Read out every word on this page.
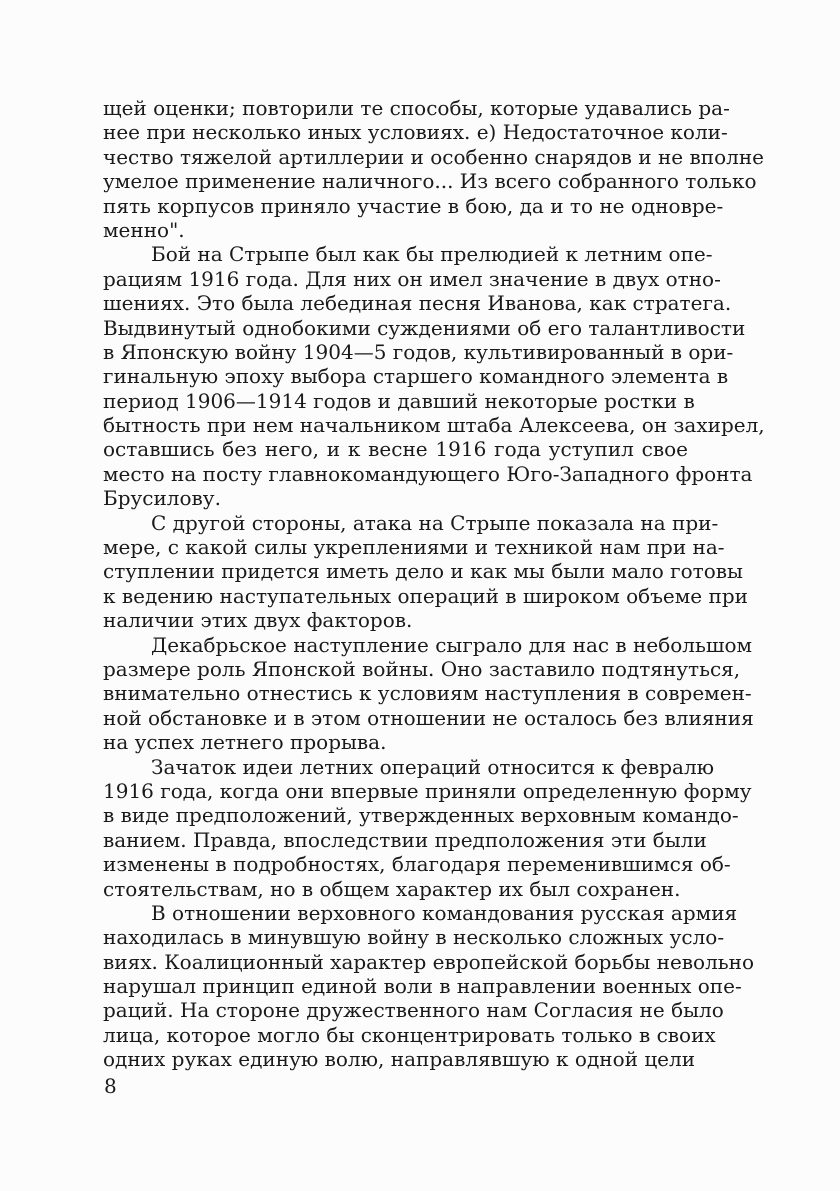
щей оценки; повторили те способы, которые удавались ра-
нее при несколько иных условиях. е) Недостаточное коли-
чество тяжелой артиллерии и особенно снарядов и не вполне
умелое применение наличного... Из всего собранного только
пять корпусов приняло участие в бою, да и то не одновре-
менно".
Бой на Стрыпе был как бы прелюдией к летним опе-
рациям 1916 года. Для них он имел значение в двух отно-
шениях. Это была лебединая песня Иванова, как стратега.
Выдвинутый однобокими суждениями об его талантливости
в Японскую войну 1904—5 годов, культивированный в ори-
гинальную эпоху выбора старшего командного элемента в
период 1906—1914 годов и давший некоторые ростки в
бытность при нем начальником штаба Алексеева, он захирел,
оставшись без него, и к весне 1916 года уступил свое
место на посту главнокомандующего Юго-Западного фронта
Брусилову.
С другой стороны, атака на Стрыпе показала на при-
мере, с какой силы укреплениями и техникой нам при на-
ступлении придется иметь дело и как мы были мало готовы
к ведению наступательных операций в широком объеме при
наличии этих двух факторов.
Декабрьское наступление сыграло для нас в небольшом
размере роль Японской войны. Оно заставило подтянуться,
внимательно отнестись к условиям наступления в современ-
ной обстановке и в этом отношении не осталось без влияния
на успех летнего прорыва.
Зачаток идеи летних операций относится к февралю
1916 года, когда они впервые приняли определенную форму
в виде предположений, утвержденных верховным командо-
ванием. Правда, впоследствии предположения эти были
изменены в подробностях, благодаря переменившимся об-
стоятельствам, но в общем характер их был сохранен.
В отношении верховного командования русская армия
находилась в минувшую войну в несколько сложных усло-
виях. Коалиционный характер европейской борьбы невольно
нарушал принцип единой воли в направлении военных опе-
раций. На стороне дружественного нам Согласия не было
лица, которое могло бы сконцентрировать только в своих
одних руках единую волю, направлявшую к одной цели
8
